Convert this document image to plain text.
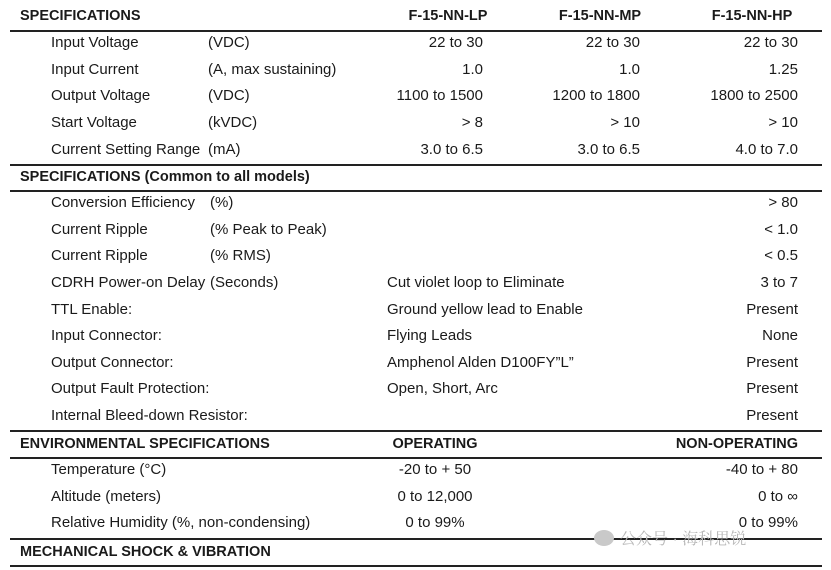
SPECIFICATIONS	F-15-NN-LP	F-15-NN-MP	F-15-NN-HP
Input Voltage	(VDC)	22 to 30	22 to 30	22 to 30
Input Current	(A, max sustaining)	1.0	1.0	1.25
Output Voltage	(VDC)	1100 to 1500	1200 to 1800	1800 to 2500
Start Voltage	(kVDC)	> 8	> 10	> 10
Current Setting Range (mA)	3.0 to 6.5	3.0 to 6.5	4.0 to 7.0
SPECIFICATIONS (Common to all models)
Conversion Efficiency (%)	> 80
Current Ripple	(% Peak to Peak)	< 1.0
Current Ripple	(% RMS)	< 0.5
CDRH Power-on Delay (Seconds)	Cut violet loop to Eliminate	3 to 7
TTL Enable:	Ground yellow lead to Enable	Present
Input Connector:	Flying Leads	None
Output Connector:	Amphenol Alden D100FY”L”	Present
Output Fault Protection:	Open, Short, Arc	Present
Internal Bleed-down Resistor:	Present
ENVIRONMENTAL SPECIFICATIONS	OPERATING	NON-OPERATING
Temperature (°C)	-20 to + 50	-40 to + 80
Altitude (meters)	0 to 12,000	0 to ∞
Relative Humidity (%, non-condensing)	0 to 99%	0 to 99%
MECHANICAL SHOCK & VIBRATION
公众号 · 海科思锐
